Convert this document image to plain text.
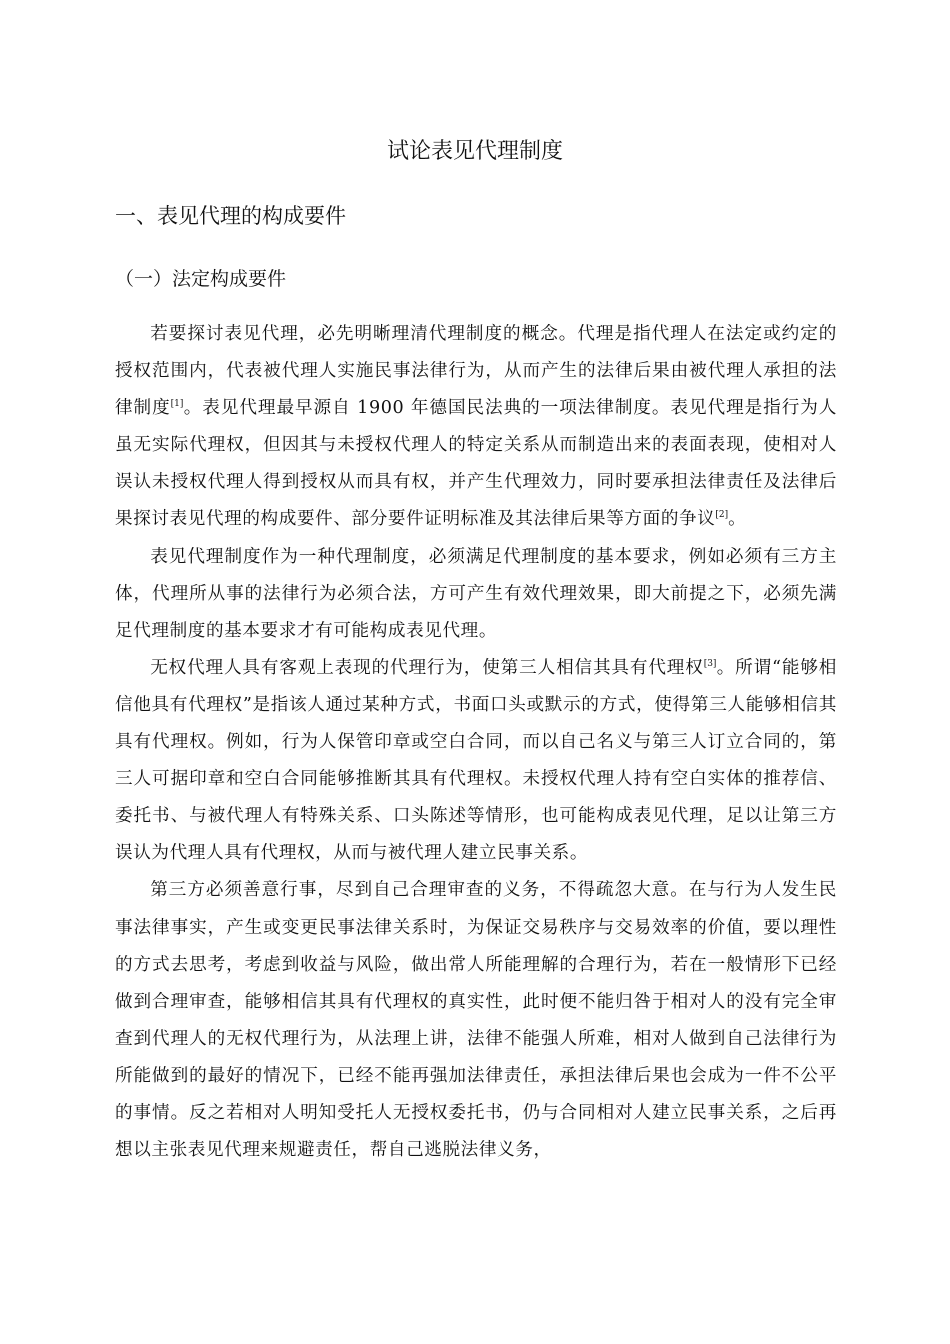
试论表见代理制度
一、表见代理的构成要件
（一）法定构成要件

若要探讨表见代理，必先明晰理清代理制度的概念。代理是指代理人在法定或约定的授权范围内，代表被代理人实施民事法律行为，从而产生的法律后果由被代理人承担的法律制度[1]。表见代理最早源自 1900 年德国民法典的一项法律制度。表见代理是指行为人虽无实际代理权，但因其与未授权代理人的特定关系从而制造出来的表面表现，使相对人误认未授权代理人得到授权从而具有权，并产生代理效力，同时要承担法律责任及法律后果探讨表见代理的构成要件、部分要件证明标准及其法律后果等方面的争议[2]。

表见代理制度作为一种代理制度，必须满足代理制度的基本要求，例如必须有三方主体，代理所从事的法律行为必须合法，方可产生有效代理效果，即大前提之下，必须先满足代理制度的基本要求才有可能构成表见代理。

无权代理人具有客观上表现的代理行为，使第三人相信其具有代理权[3]。所谓“能够相信他具有代理权”是指该人通过某种方式，书面口头或默示的方式，使得第三人能够相信其具有代理权。例如，行为人保管印章或空白合同，而以自己名义与第三人订立合同的，第三人可据印章和空白合同能够推断其具有代理权。未授权代理人持有空白实体的推荐信、委托书、与被代理人有特殊关系、口头陈述等情形，也可能构成表见代理，足以让第三方误认为代理人具有代理权，从而与被代理人建立民事关系。

第三方必须善意行事，尽到自己合理审查的义务，不得疏忽大意。在与行为人发生民事法律事实，产生或变更民事法律关系时，为保证交易秩序与交易效率的价值，要以理性的方式去思考，考虑到收益与风险，做出常人所能理解的合理行为，若在一般情形下已经做到合理审查，能够相信其具有代理权的真实性，此时便不能归咎于相对人的没有完全审查到代理人的无权代理行为，从法理上讲，法律不能强人所难，相对人做到自己法律行为所能做到的最好的情况下，已经不能再强加法律责任，承担法律后果也会成为一件不公平的事情。反之若相对人明知受托人无授权委托书，仍与合同相对人建立民事关系，之后再想以主张表见代理来规避责任，帮自己逃脱法律义务，
